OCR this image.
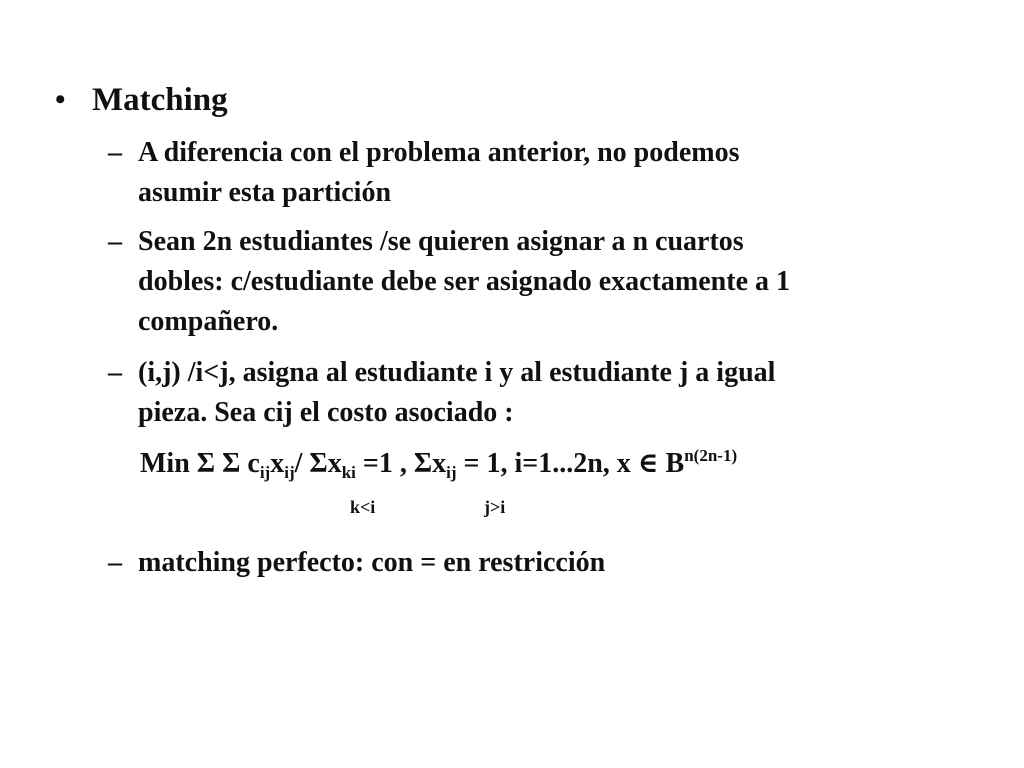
• Matching
– A diferencia con el problema anterior, no podemos
asumir esta partición
– Sean 2n estudiantes /se quieren asignar a n cuartos
dobles: c/estudiante debe ser asignado exactamente a 1
compañero.
– (i,j) /i<j, asigna al estudiante i y al estudiante j a igual
pieza. Sea cij el costo asociado :
Min Σ Σ $c_{ij}x_{ij}/$ $\Sigma x_{ki} =1$ , $\Sigma x_{ij} = 1$, i=1...2n, x ∈ $B^{n(2n-1)}$
k<i	j>i
– matching perfecto: con = en restricción
